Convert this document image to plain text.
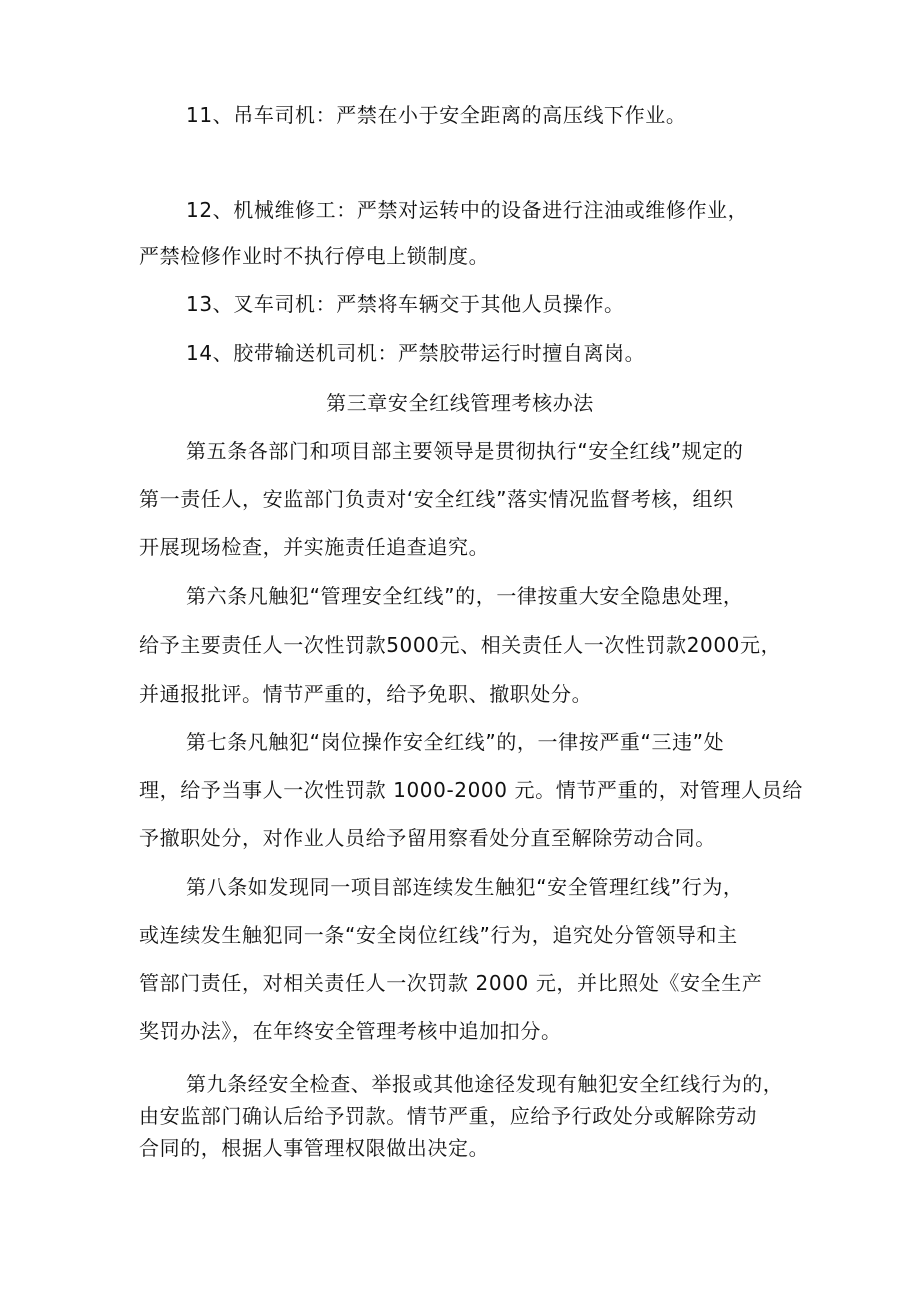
11、吊车司机：严禁在小于安全距离的高压线下作业。
12、机械维修工：严禁对运转中的设备进行注油或维修作业，
严禁检修作业时不执行停电上锁制度。
13、叉车司机：严禁将车辆交于其他人员操作。
14、胶带输送机司机：严禁胶带运行时擅自离岗。
第三章安全红线管理考核办法
第五条各部门和项目部主要领导是贯彻执行“安全红线”规定的
第一责任人，安监部门负责对‘安全红线”落实情况监督考核，组织
开展现场检查，并实施责任追查追究。
第六条凡触犯“管理安全红线”的，一律按重大安全隐患处理，
给予主要责任人一次性罚款5000元、相关责任人一次性罚款2000元，
并通报批评。情节严重的，给予免职、撤职处分。
第七条凡触犯“岗位操作安全红线”的，一律按严重“三违”处
理，给予当事人一次性罚款 1000-2000 元。情节严重的，对管理人员给
予撤职处分，对作业人员给予留用察看处分直至解除劳动合同。
第八条如发现同一项目部连续发生触犯“安全管理红线”行为，
或连续发生触犯同一条“安全岗位红线”行为，追究处分管领导和主
管部门责任，对相关责任人一次罚款 2000 元，并比照处《安全生产
奖罚办法》，在年终安全管理考核中追加扣分。
第九条经安全检查、举报或其他途径发现有触犯安全红线行为的，
由安监部门确认后给予罚款。情节严重，应给予行政处分或解除劳动
合同的，根据人事管理权限做出决定。
